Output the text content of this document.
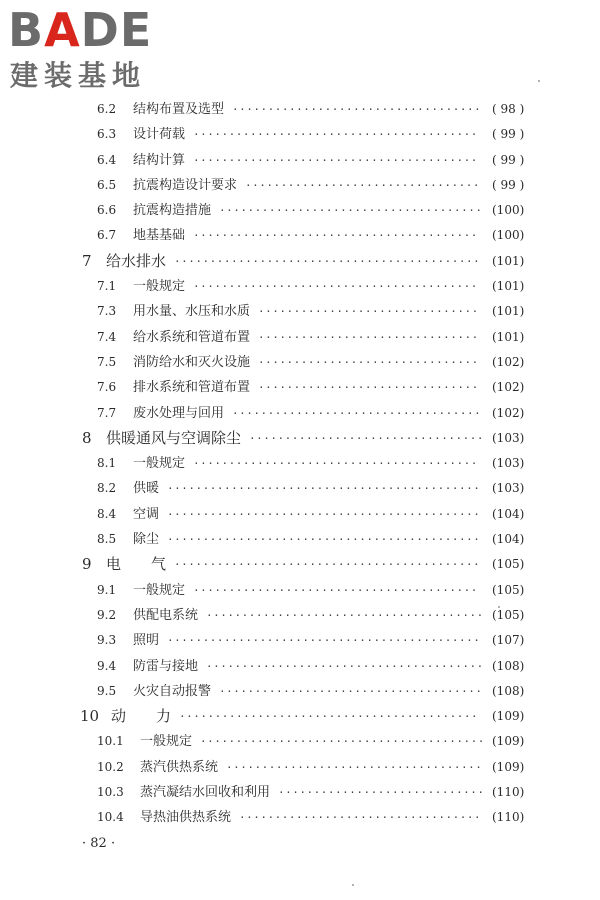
BADE
建装基地
6.2 结构布置及选型 ··································· ( 98 )
6.3 设计荷载 ········································	( 99 )
6.4 结构计算 ········································	( 99 )
6.5 抗震构造设计要求 ································· ( 99 )
6.6 抗震构造措施 ····································· (100)
6.7 地基基础 ········································	(100)
7 给水排水 ··········································· (101)
7.1 一般规定 ········································	(101)
7.3 用水量、水压和水质 ·······························	(101)
7.4 给水系统和管道布置 ·······························	(101)
7.5 消防给水和灭火设施 ·······························	(102)
7.6 排水系统和管道布置 ·······························	(102)
7.7 废水处理与回用 ··································· (102)
8 供暖通风与空调除尘 ································· (103)
8.1 一般规定 ········································	(103)
8.2 供暖 ············································ (103)
8.4 空调 ············································ (104)
8.5 除尘 ············································ (104)
9 电　　气 ··········································· (105)
9.1 一般规定 ········································	(105)
9.2 供配电系统 ······································· (105)
9.3 照明 ············································ (107)
9.4 防雷与接地 ······································· (108)
9.5 火灾自动报警 ····································· (108)
10 动　　力 ··········································	(109)
10.1 一般规定 ········································ (109)
10.2 蒸汽供热系统 ···································· (109)
10.3 蒸汽凝结水回收和利用 ····························· (110)
10.4 导热油供热系统 ·································· (110)
· 82 ·
